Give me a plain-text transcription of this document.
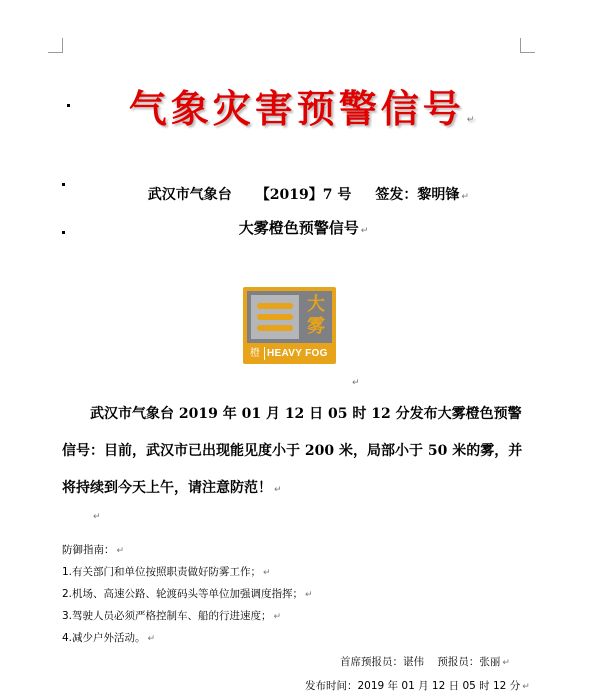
气象灾害预警信号 ↵

武汉市气象台 【2019】7 号 签发：黎明锋 ↵

大雾橙色预警信号 ↵
大
雾
橙 HEAVY FOG
↵
武汉市气象台 2019 年 01 月 12 日 05 时 12 分发布大雾橙色预警信号：目前，武汉市已出现能见度小于 200 米，局部小于 50 米的雾，并将持续到今天上午，请注意防范！ ↵
↵
防御指南： ↵
1.有关部门和单位按照职责做好防雾工作； ↵
2.机场、高速公路、轮渡码头等单位加强调度指挥； ↵
3.驾驶人员必须严格控制车、船的行进速度； ↵
4.减少户外活动。 ↵
首席预报员：谌伟 预报员：张丽 ↵
发布时间：2019 年 01 月 12 日 05 时 12 分 ↵
